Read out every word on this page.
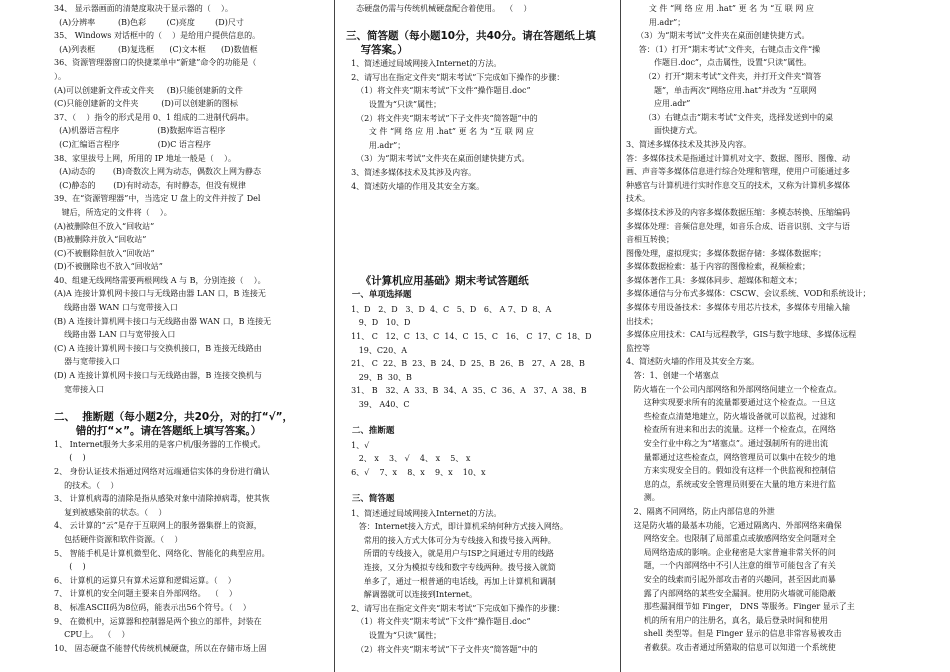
34、 显示器画面的清楚度取决于显示器的（    ）。
(A)分辨率         (B)色彩        (C)亮度        (D)尺寸
35、 Windows 对话框中的（    ）是给用户提供信息的。
(A)列表框         (B)复选框      (C)文本框      (D)数值框
36、资源管理器窗口的快捷菜单中“新建”命令的功能是（
）。
(A)可以创建新文件或文件夹     (B)只能创建新的文件
(C)只能创建新的文件夹         (D)可以创建新的图标
37、（    ）指令的形式是用 0、1 组成的二进制代码串。
(A)机器语言程序               (B)数据库语言程序
(C)汇编语言程序               (D)C 语言程序
38、家里拔号上网，所用的 IP 地址一般是（    ）。
(A)动态的       (B)奇数次上网为动态，偶数次上网为静态
(C)静态的       (D)有时动态，有时静态，但没有规律
39、在“资源管理器”中，当选定 U 盘上的文件并按了 Del
键后，所选定的文件将（    ）。
(A)被删除但不放入“回收站”
(B)被删除并放入“回收站”
(C)不被删除但放入“回收站”
(D)不被删除也不放入“回收站”
40、组建无线网络需要两根网线 A 与 B，分别连接（    ）。
(A)A 连接计算机网卡接口与无线路由器 LAN 口，B 连接无
线路由器 WAN 口与宽带接入口
(B) A 连接计算机网卡接口与无线路由器 WAN 口，B 连接无
线路由器 LAN 口与宽带接入口
(C) A 连接计算机网卡接口与交换机接口，B 连接无线路由
器与宽带接入口
(D) A 连接计算机网卡接口与无线路由器，B 连接交换机与
宽带接入口
二、  推断题（每小题2分，共20分，对的打“√”，
错的打“×”。请在答题纸上填写答案。）
1、 Internet服务大多采用的是客户机/服务器的工作模式。
(    )
2、 身份认证技术指通过网络对远端通信实体的身份进行确认
的技术。（    ）
3、 计算机病毒的清除是指从感染对象中清除掉病毒，使其恢
复到被感染前的状态。（    ）
4、 云计算的“云”是存于互联网上的服务器集群上的资源，
包括硬件资源和软件资源。（    ）
5、 智能手机是计算机微型化、网络化、智能化的典型应用。
(    )
6、 计算机的运算只有算术运算和逻辑运算。（    ）
7、 计算机的安全问题主要来自外部网络。  （    ）
8、 标准ASCII码为8位码，能表示出56个符号。（    ）
9、 在微机中，运算器和控制器是两个独立的部件，封装在
CPU上。  （    ）
10、 固态硬盘不能替代传统机械硬盘，所以在存储市场上固
态硬盘仍需与传统机械硬盘配合着使用。  （    ）
三、简答题（每小题10分，共40分。请在答题纸上填
写答案。）
1、简述通过局域网接入Internet的方法。
2、请写出在指定文件夹“期末考试”下完成如下操作的步骤：
（1）将文件夹“期末考试”下文件“操作题目.doc”
设置为“只读”属性；
（2）将文件夹“期末考试”下子文件夹“简答题”中的
文 件 “网 络 应 用 .hat” 更 名 为 “互 联 网 应
用.adr”；
（3）为“期末考试”文件夹在桌面创建快捷方式。
3、简述多媒体技术及其涉及内容。
4、简述防火墙的作用及其安全方案。
《计算机应用基础》期末考试答题纸
一、单项选择题
1、D   2、D   3、D  4、C   5、D   6、 A 7、D  8、A
9、D   10、D
11、 C   12、C  13、C  14、C  15、C   16、 C  17、C  18、D
19、C20、A
21、 C  22、B  23、B  24、D  25、B  26、B   27、A  28、B
29、B  30、B
31、 B   32、A  33、B  34、A  35、C  36、A   37、A  38、B
39、 A40、C
二、推断题
1、√
2、 x    3、 √    4、 x    5、 x
6、√    7、x    8、x    9、x    10、x
三、简答题
1、简述通过局域网接入Internet的方法。
答：Internet接入方式，即计算机采纳何种方式接入网络。
常用的接入方式大体可分为专线接入和拨号接入两种。
所谓的专线接入，就是用户与ISP之间通过专用的线路
连接，又分为模拟专线和数字专线两种。拨号接入就简
单多了，通过一根普通的电话线，再加上计算机和调制
解调器就可以连接到Internet。
2、请写出在指定文件夹“期末考试”下完成如下操作的步骤：
（1）将文件夹“期末考试”下文件“操作题目.doc”
设置为“只读”属性；
（2）将文件夹“期末考试”下子文件夹“简答题”中的
文 件 “网 络 应 用 .hat” 更 名 为 “互 联 网 应
用.adr”；
（3）为“期末考试”文件夹在桌面创建快捷方式。
答：（1）打开“期末考试”文件夹，右键点击文件“操
作题目.doc”，点击属性，设置“只读”属性。
（2）打开“期末考试”文件夹，并打开文件夹“简答
题”，单击两次“网络应用.hat”并改为 “互联网
应用.adr”
（3）右键点击“期末考试”文件夹，选择发送到中的桌
面快捷方式。
3、简述多媒体技术及其涉及内容。
答：多媒体技术是指通过计算机对文字、数据、图形、图像、动
画、声音等多媒体信息进行综合处理和管理，使用户可能通过多
种感官与计算机进行实时作息交互的技术，又称为计算机多媒体
技术。
多媒体技术涉及的内容多媒体数据压缩：多模态转换、压缩编码
多媒体处理：音频信息处理，如音乐合成、语音识别、文字与语
音相互转换；
图像处理，虚拟现实；多媒体数据存储：多媒体数据库；
多媒体数据检索：基于内容的图像检索，视频检索；
多媒体著作工具：多媒体同步、超媒体和超文本；
多媒体通信与分布式多媒体：CSCW、会议系统、VOD和系统设计；
多媒体专用设备技术：多媒体专用芯片技术，多媒体专用输入输
出技术；
多媒体应用技术：CAI与远程教学，GIS与数字地球、多媒体远程
监控等
4、简述防火墙的作用及其安全方案。
答：1、创建一个堵塞点
防火墙在一个公司内部网络和外部网络间建立一个检查点。
这种实现要求所有的流量都要通过这个检查点。一旦这
些检查点清楚地建立，防火墙设备就可以监视，过滤和
检查所有进来和出去的流量。这样一个检查点，在网络
安全行业中称之为“堵塞点”。通过强制所有的进出流
量都通过这些检查点，网络管理员可以集中在较少的地
方来实现安全目的。假如没有这样一个供监视和控制信
息的点，系统或安全管理员则要在大量的地方来进行监
测。
2、隔离不同网络，防止内部信息的外泄
这是防火墙的最基本功能，它通过隔离内、外部网络来确保
网络安全。也限制了局部重点或敏感网络安全问题对全
局网络造成的影响。企业秘密是大家普遍非常关怀的问
题，一个内部网络中不引人注意的细节可能包含了有关
安全的线索而引起外部攻击者的兴趣同，甚至因此而暴
露了内部网络的某些安全漏洞。使用防火墙就可能隐蔽
那些漏洞细节如 Finger， DNS 等服务。Finger 显示了主
机的所有用户的注册名，真名，最后登录时间和使用
shell 类型等。但是 Finger 显示的信息非常容易被攻击
者截获。攻击者通过所猎取的信息可以知道一个系统使
